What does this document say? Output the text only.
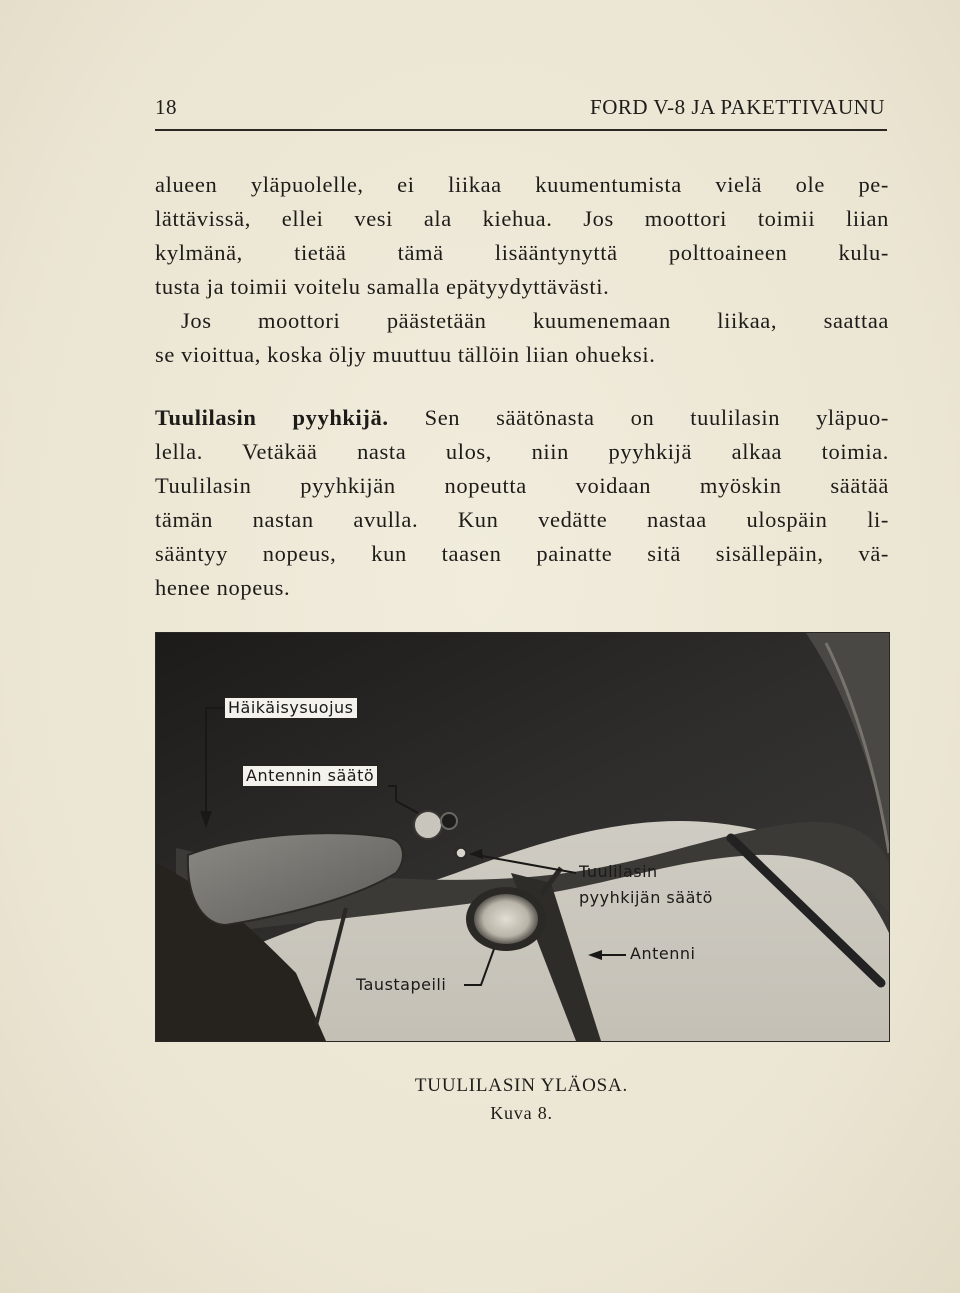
18	FORD V-8 JA PAKETTIVAUNU
alueen yläpuolelle, ei liikaa kuumentumista vielä ole pe-
lättävissä, ellei vesi ala kiehua. Jos moottori toimii liian
kylmänä, tietää tämä lisääntynyttä polttoaineen kulu-
tusta ja toimii voitelu samalla epätyydyttävästi.
Jos moottori päästetään kuumenemaan liikaa, saattaa
se vioittua, koska öljy muuttuu tällöin liian ohueksi.
Tuulilasin pyyhkijä. Sen säätönasta on tuulilasin yläpuo-
lella. Vetäkää nasta ulos, niin pyyhkijä alkaa toimia.
Tuulilasin pyyhkijän nopeutta voidaan myöskin säätää
tämän nastan avulla. Kun vedätte nastaa ulospäin li-
sääntyy nopeus, kun taasen painatte sitä sisällepäin, vä-
henee nopeus.
Häikäisysuojus
Antennin säätö
Tuulilasin
pyyhkijän säätö
Antenni
Taustapeili
TUULILASIN YLÄOSA.
Kuva 8.
